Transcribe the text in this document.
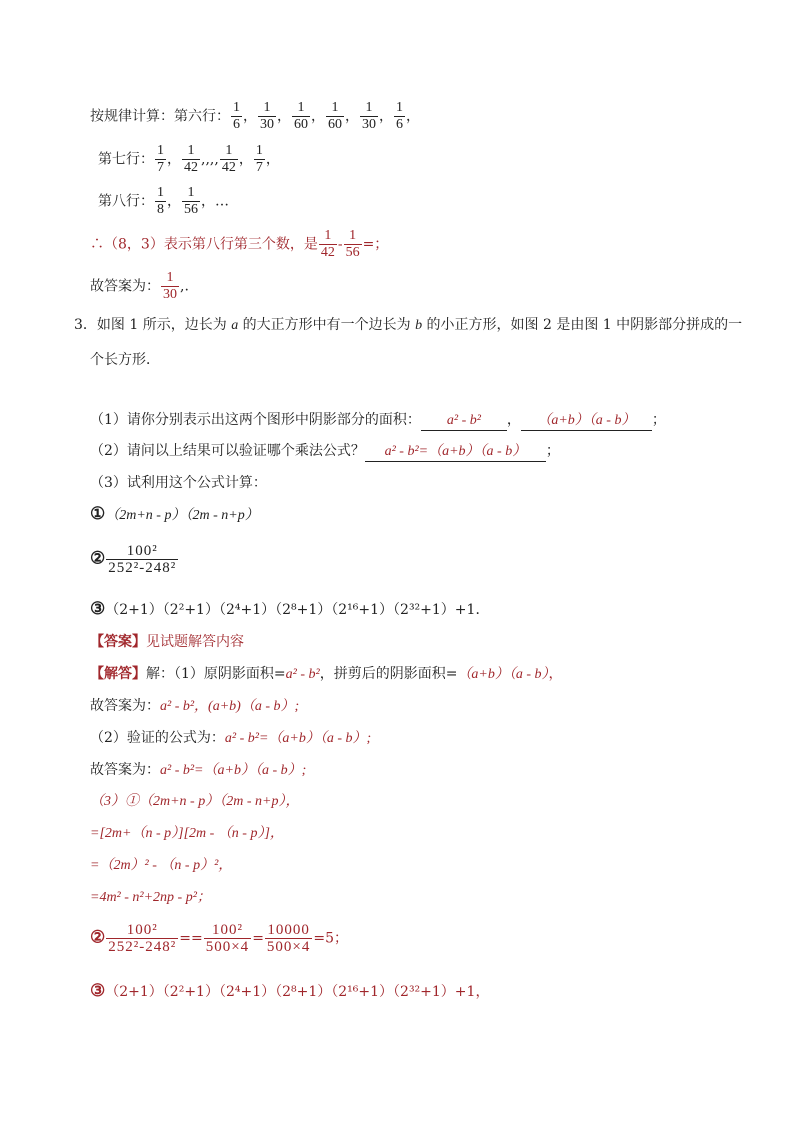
按规律计算：第六行： $\frac{1}{6}$ ， $\frac{1}{30}$ ， $\frac{1}{60}$ ， $\frac{1}{60}$ ， $\frac{1}{30}$ ， $\frac{1}{6}$ ，
第七行： $\frac{1}{7}$ ， $\frac{1}{42}$ ,,,, $\frac{1}{42}$ ， $\frac{1}{7}$ ，
第八行： $\frac{1}{8}$ ， $\frac{1}{56}$ ，…
∴（8，3）表示第八行第三个数，是 $\frac{1}{42} - \frac{1}{56}$ =；
故答案为： $\frac{1}{30}$ ,.
3．如图 1 所示，边长为 a 的大正方形中有一个边长为 b 的小正方形，如图 2 是由图 1 中阴影部分拼成的一
个长方形．
（1）请你分别表示出这两个图形中阴影部分的面积： a² - b² ， （a+b）（a - b） ；
（2）请问以上结果可以验证哪个乘法公式？ a² - b²=（a+b）（a - b） ；
（3）试利用这个公式计算：
①（2m+n - p）（2m - n+p）
② $\frac{\text{100²}}{\text{252²-248²}}$
③（2+1）（2²+1）（2⁴+1）（2⁸+1）（2¹⁶+1）（2³²+1）+1．
【答案】见试题解答内容
【解答】解：（1）原阴影面积=a² - b²，拼剪后的阴影面积=（a+b）（a - b），
故答案为：a² - b²，(a+b)（a - b）;
（2）验证的公式为：a² - b²=（a+b）（a - b）;
故答案为：a² - b²=（a+b）（a - b）;
（3）①（2m+n - p）（2m - n+p），
=[2m+（n - p）][2m - （n - p）]，
=（2m）² - （n - p）²，
=4m² - n²+2np - p²；
② $\frac{\text{100²}}{\text{252²-248²}} == \frac{\text{100²}}{500\times 4} = \frac{10000}{500\times 4} =5$；
③（2+1）（2²+1）（2⁴+1）（2⁸+1）（2¹⁶+1）（2³²+1）+1，
